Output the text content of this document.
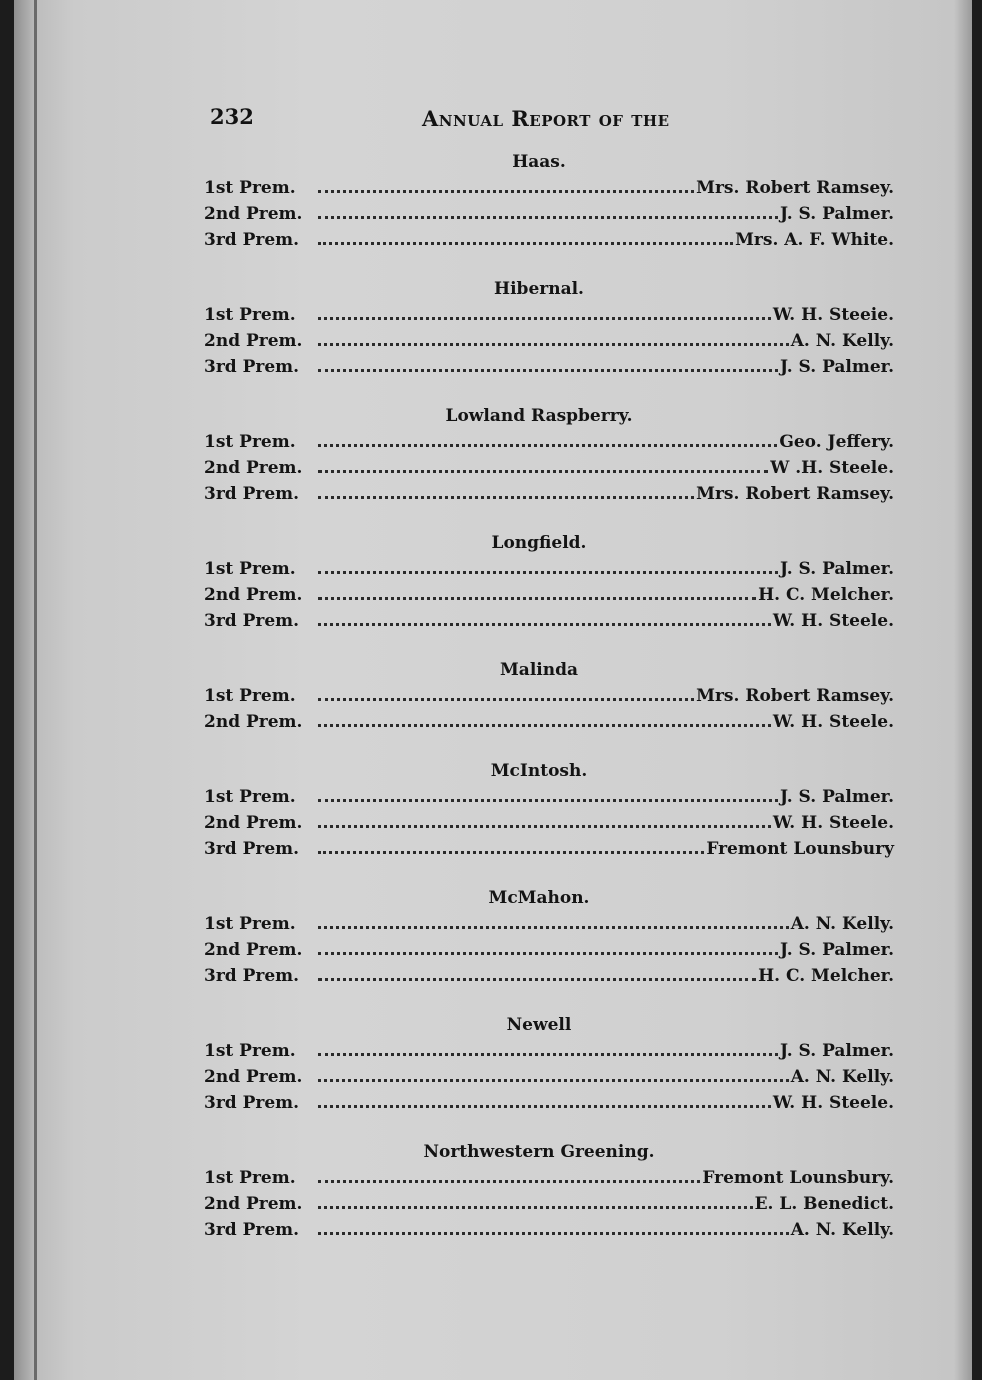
232	Annual Report of the
Haas.
1st Prem.	Mrs. Robert Ramsey.
2nd Prem.	J. S. Palmer.
3rd Prem.	Mrs. A. F. White.
Hibernal.
1st Prem.	W. H. Steeie.
2nd Prem.	A. N. Kelly.
3rd Prem.	J. S. Palmer.
Lowland Raspberry.
1st Prem.	Geo. Jeffery.
2nd Prem.	W .H. Steele.
3rd Prem.	Mrs. Robert Ramsey.
Longfield.
1st Prem.	J. S. Palmer.
2nd Prem.	H. C. Melcher.
3rd Prem.	W. H. Steele.
Malinda
1st Prem.	Mrs. Robert Ramsey.
2nd Prem.	W. H. Steele.
McIntosh.
1st Prem.	J. S. Palmer.
2nd Prem.	W. H. Steele.
3rd Prem.	Fremont Lounsbury
McMahon.
1st Prem.	A. N. Kelly.
2nd Prem.	J. S. Palmer.
3rd Prem.	H. C. Melcher.
Newell
1st Prem.	J. S. Palmer.
2nd Prem.	A. N. Kelly.
3rd Prem.	W. H. Steele.
Northwestern Greening.
1st Prem.	Fremont Lounsbury.
2nd Prem.	E. L. Benedict.
3rd Prem.	A. N. Kelly.
